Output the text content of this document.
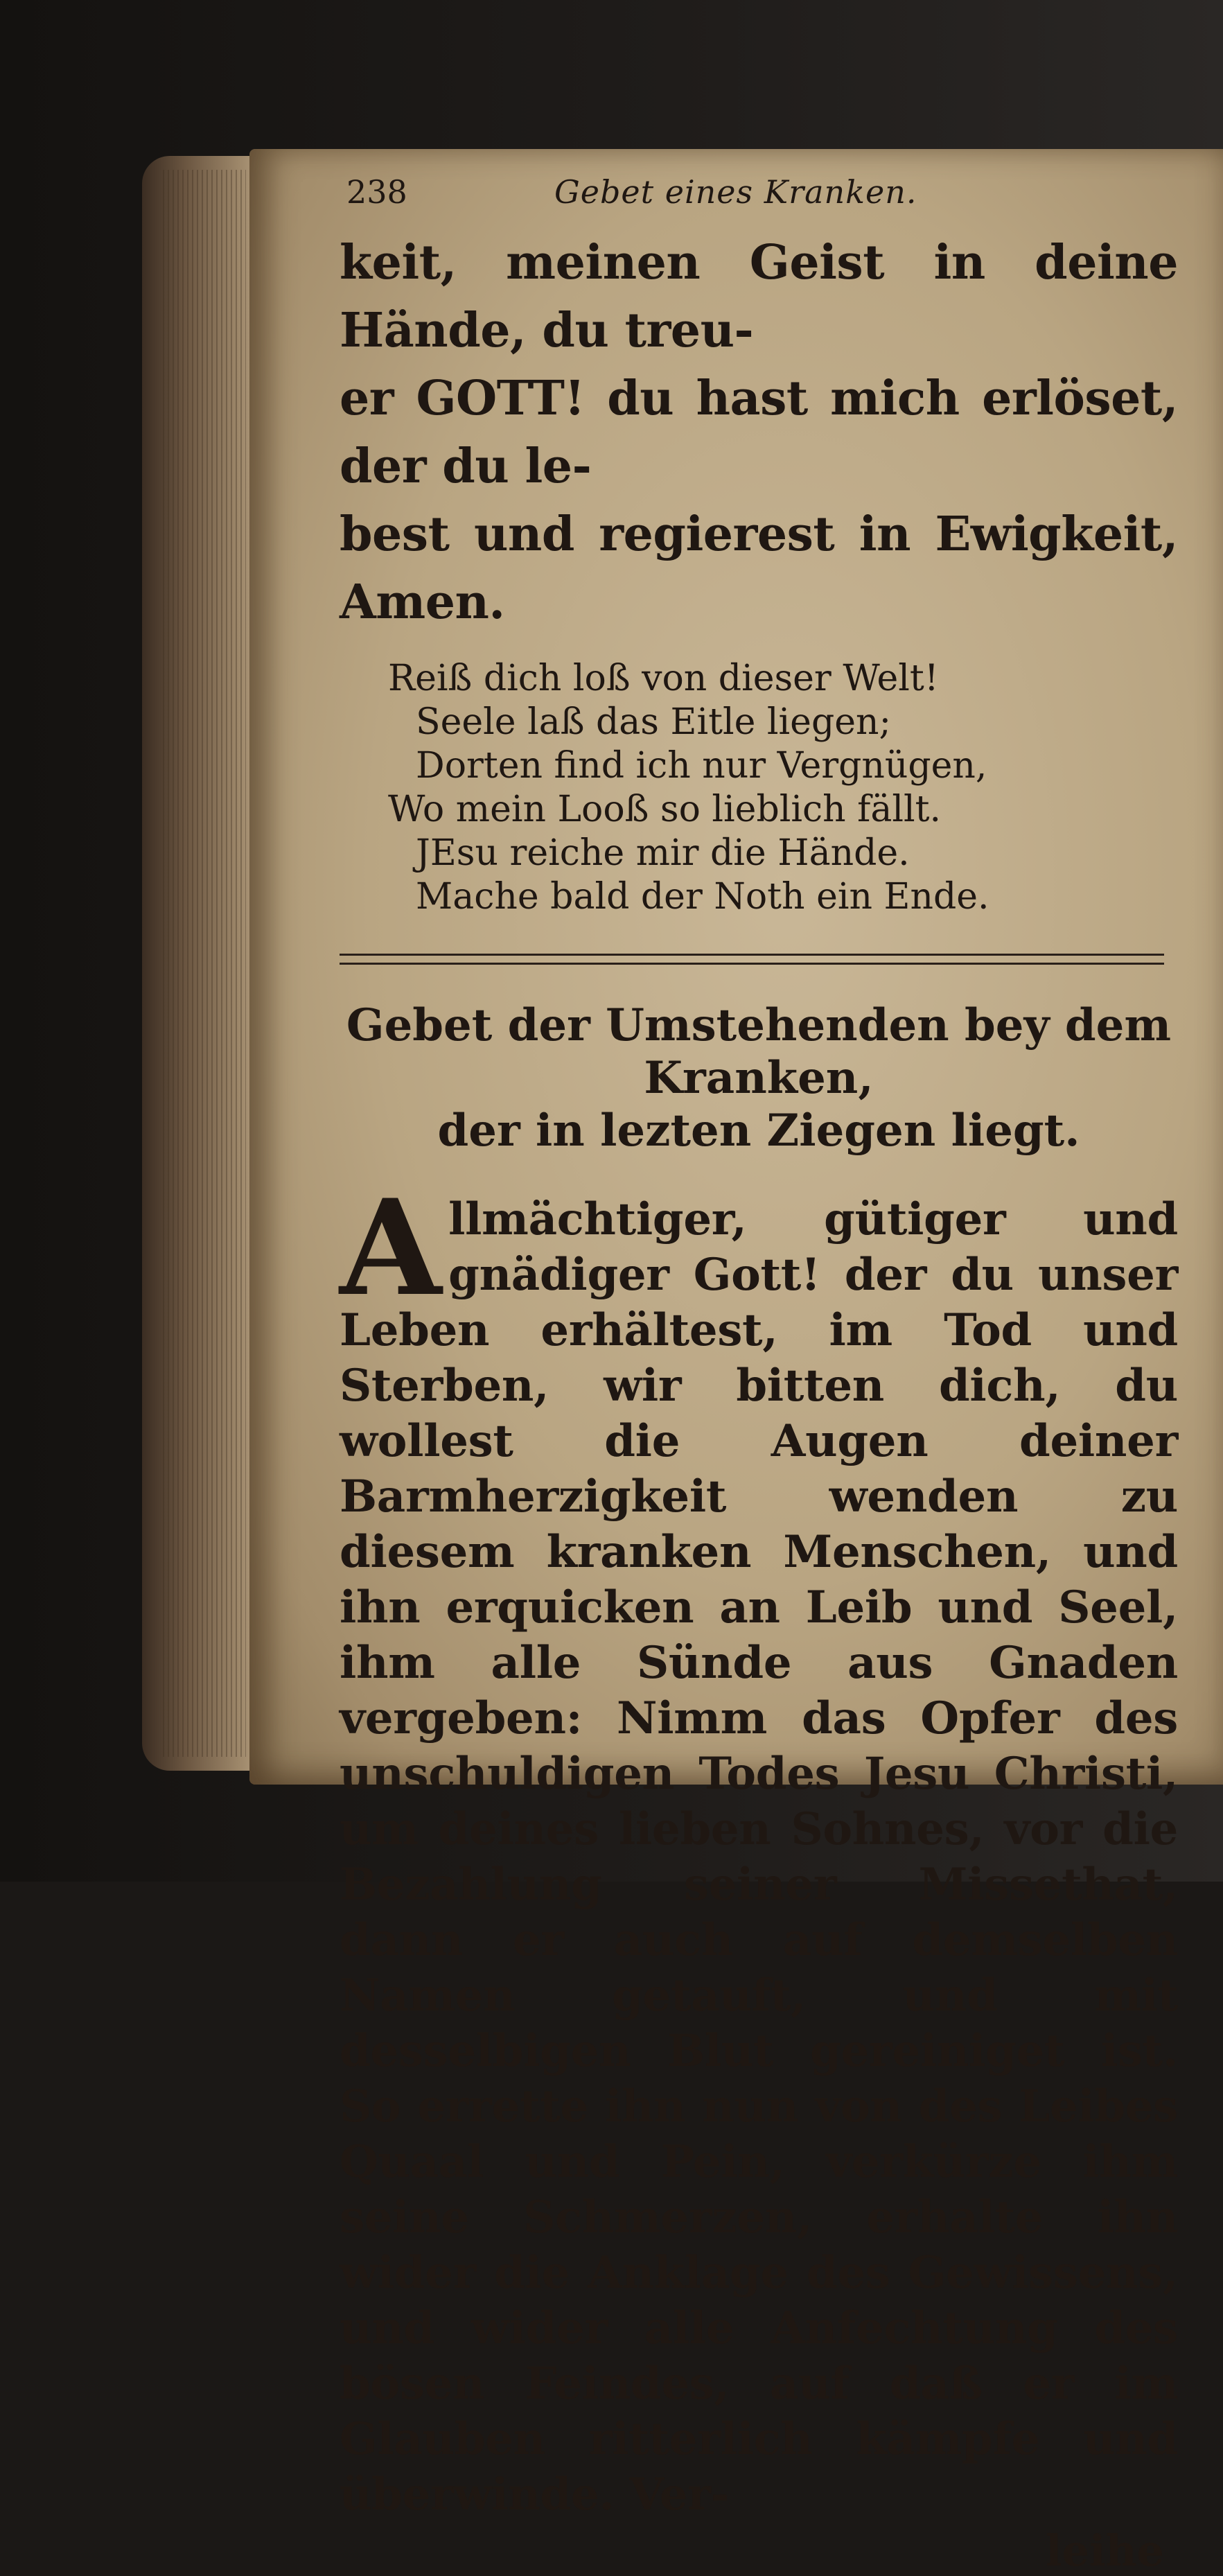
238	Gebet eines Kranken.

keit, meinen Geist in deine Hände, du treu-

er GOTT! du hast mich erlöset, der du le-

best und regierest in Ewigkeit, Amen.

Reiß dich loß von dieser Welt!

Seele laß das Eitle liegen;

Dorten find ich nur Vergnügen,

Wo mein Looß so lieblich fällt.

JEsu reiche mir die Hände.

Mache bald der Noth ein Ende.

Gebet der Umstehenden bey dem Kranken,
der in lezten Ziegen liegt.
A llmächtiger, gütiger und gnädiger Gott! der du unser Leben erhältest, im Tod und Sterben, wir bitten dich, du wollest die Augen deiner Barmherzigkeit wenden zu diesem kranken Menschen, und ihn erquicken an Leib und Seel, ihm alle Sünde aus Gnaden vergeben: Nimm das Opfer des unschuldigen Todes Jesu Christi, um deines lieben Sohnes, vor die Bezahlung seiner Missethat, dann er auch auf demselben Namen getauft, und mit desselbigen Blut gereiniget ist. So errette ihn nun von des Leibes Quaal und Pein, verkürze ihm seine Schmerzen, erhalte ihn wider die Anklage des Gewissens, und wider alle Anfechtung des bösen Feindes, auf daß er im Glauben ritterlich kämpfe und überwinde. Ver-
leihe
